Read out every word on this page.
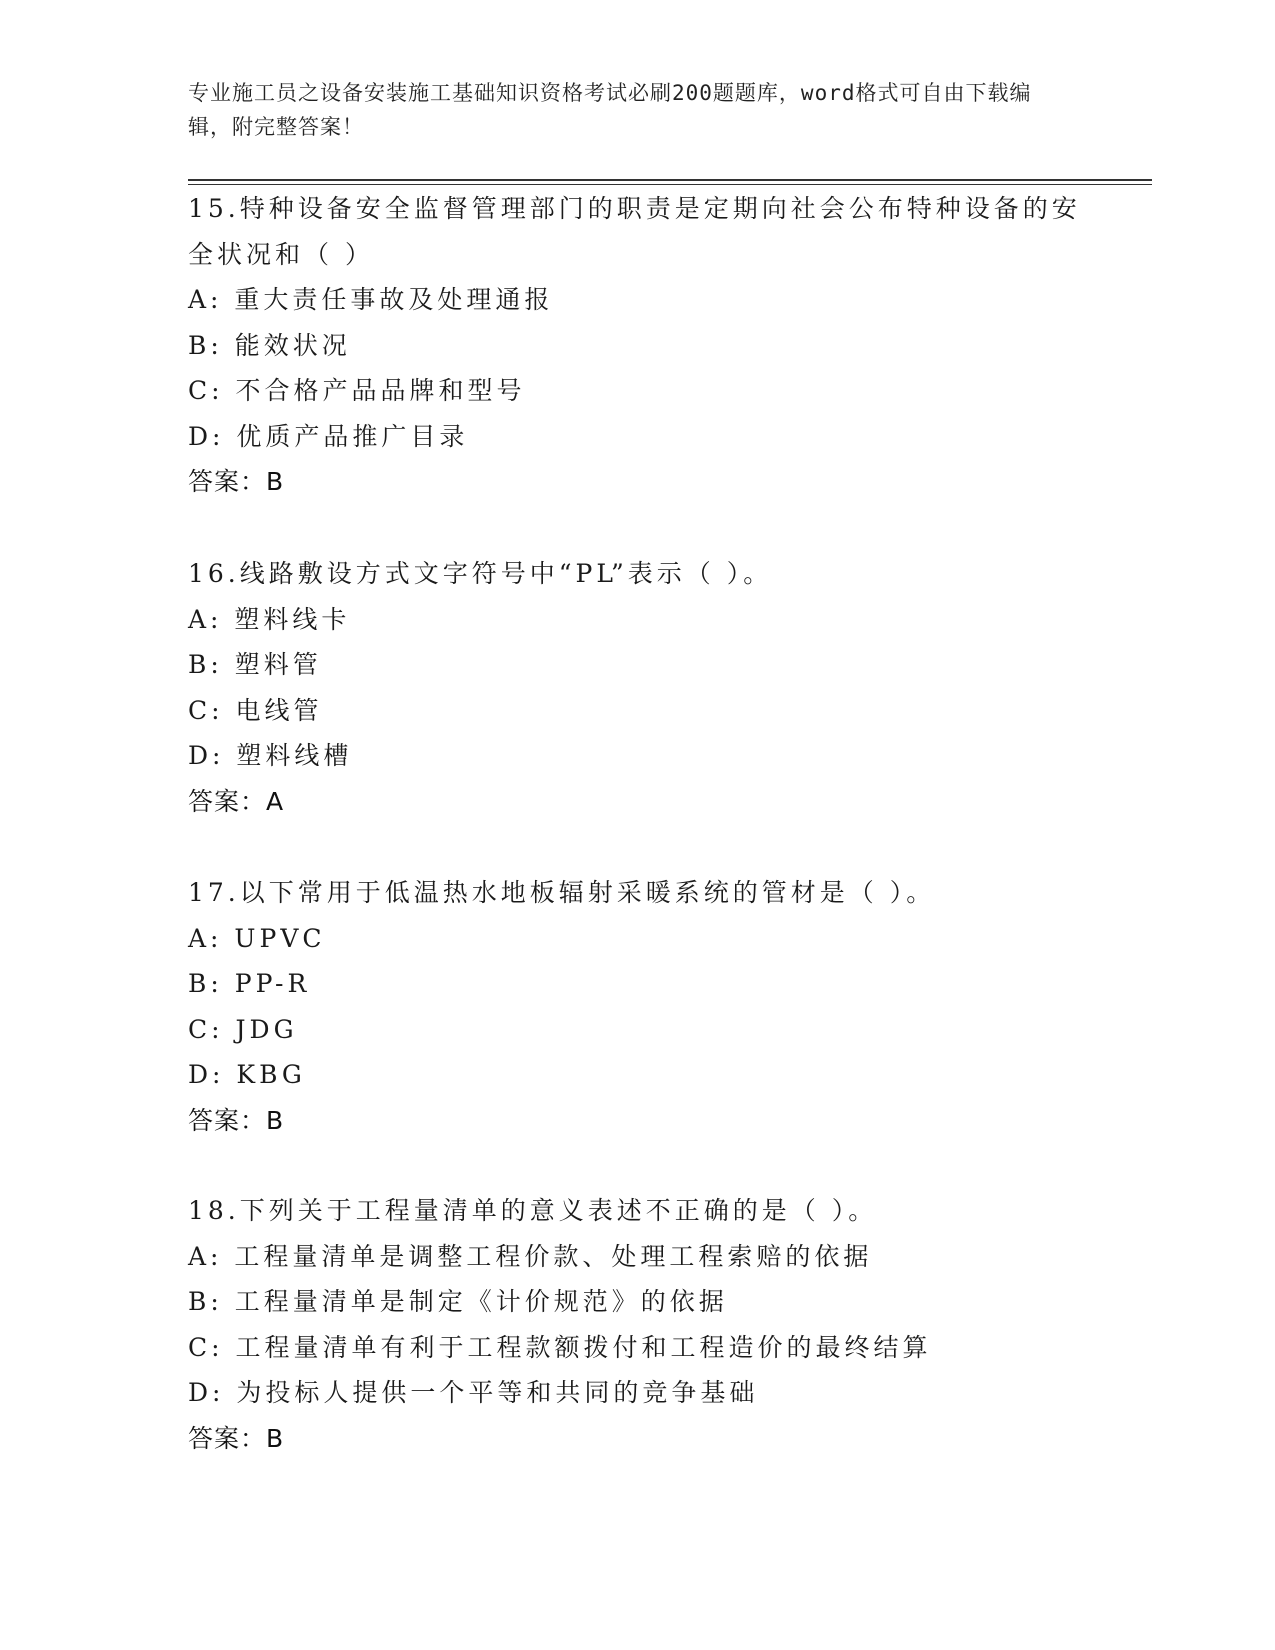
专业施工员之设备安装施工基础知识资格考试必刷200题题库，word格式可自由下载编辑，附完整答案！
15.特种设备安全监督管理部门的职责是定期向社会公布特种设备的安全状况和（ ）
A: 重大责任事故及处理通报
B: 能效状况
C: 不合格产品品牌和型号
D: 优质产品推广目录
答案：B
16.线路敷设方式文字符号中“PL”表示（ ）。
A: 塑料线卡
B: 塑料管
C: 电线管
D: 塑料线槽
答案：A
17.以下常用于低温热水地板辐射采暖系统的管材是（ ）。
A: UPVC
B: PP-R
C: JDG
D: KBG
答案：B
18.下列关于工程量清单的意义表述不正确的是（ ）。
A: 工程量清单是调整工程价款、处理工程索赔的依据
B: 工程量清单是制定《计价规范》的依据
C: 工程量清单有利于工程款额拨付和工程造价的最终结算
D: 为投标人提供一个平等和共同的竞争基础
答案：B
